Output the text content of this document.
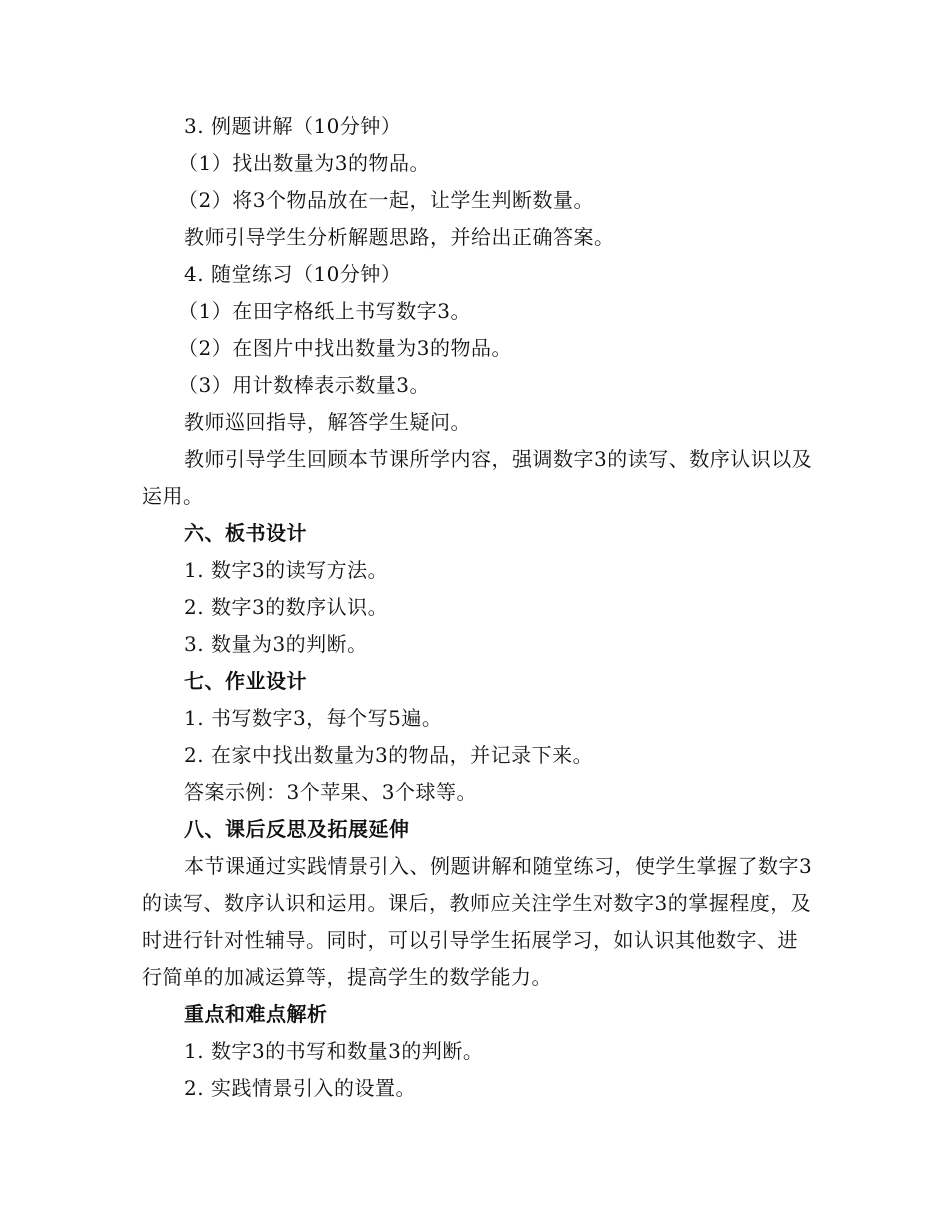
3. 例题讲解（10分钟）
（1）找出数量为3的物品。
（2）将3个物品放在一起，让学生判断数量。
教师引导学生分析解题思路，并给出正确答案。
4. 随堂练习（10分钟）
（1）在田字格纸上书写数字3。
（2）在图片中找出数量为3的物品。
（3）用计数棒表示数量3。
教师巡回指导，解答学生疑问。

教师引导学生回顾本节课所学内容，强调数字3的读写、数序认识以及运用。

六、板书设计
1. 数字3的读写方法。
2. 数字3的数序认识。
3. 数量为3的判断。
七、作业设计
1. 书写数字3，每个写5遍。
2. 在家中找出数量为3的物品，并记录下来。
答案示例：3个苹果、3个球等。
八、课后反思及拓展延伸

本节课通过实践情景引入、例题讲解和随堂练习，使学生掌握了数字3的读写、数序认识和运用。课后，教师应关注学生对数字3的掌握程度，及时进行针对性辅导。同时，可以引导学生拓展学习，如认识其他数字、进行简单的加减运算等，提高学生的数学能力。

重点和难点解析
1. 数字3的书写和数量3的判断。
2. 实践情景引入的设置。
